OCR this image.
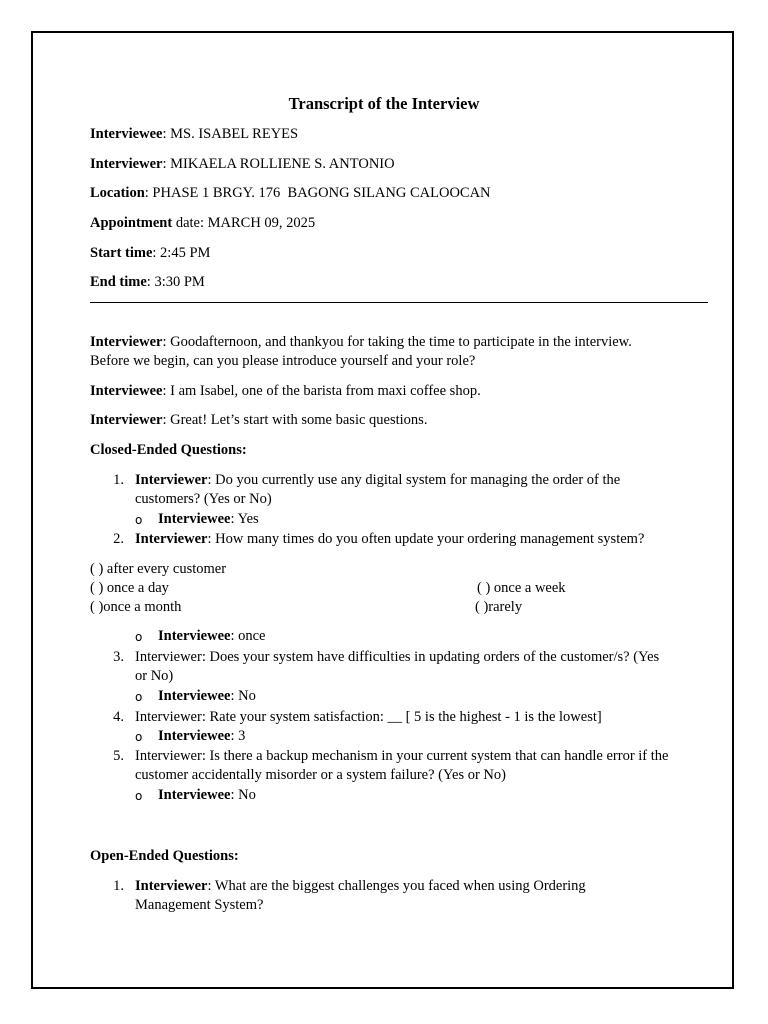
Transcript of the Interview
Interviewee: MS. ISABEL REYES
Interviewer: MIKAELA ROLLIENE S. ANTONIO
Location: PHASE 1 BRGY. 176  BAGONG SILANG CALOOCAN
Appointment date: MARCH 09, 2025
Start time: 2:45 PM
End time: 3:30 PM
Interviewer: Goodafternoon, and thankyou for taking the time to participate in the interview. Before we begin, can you please introduce yourself and your role?
Interviewee: I am Isabel, one of the barista from maxi coffee shop.
Interviewer: Great! Let’s start with some basic questions.
Closed-Ended Questions:
1. Interviewer: Do you currently use any digital system for managing the order of the customers? (Yes or No)
o Interviewee: Yes
2. Interviewer: How many times do you often update your ordering management system?
( ) after every customer
( ) once a day	( ) once a week
( )once a month	( )rarely
o Interviewee: once
3. Interviewer: Does your system have difficulties in updating orders of the customer/s? (Yes or No)
o Interviewee: No
4. Interviewer: Rate your system satisfaction: __ [ 5 is the highest - 1 is the lowest]
o Interviewee: 3
5. Interviewer: Is there a backup mechanism in your current system that can handle error if the customer accidentally misorder or a system failure? (Yes or No)
o Interviewee: No
Open-Ended Questions:
1. Interviewer: What are the biggest challenges you faced when using Ordering Management System?
